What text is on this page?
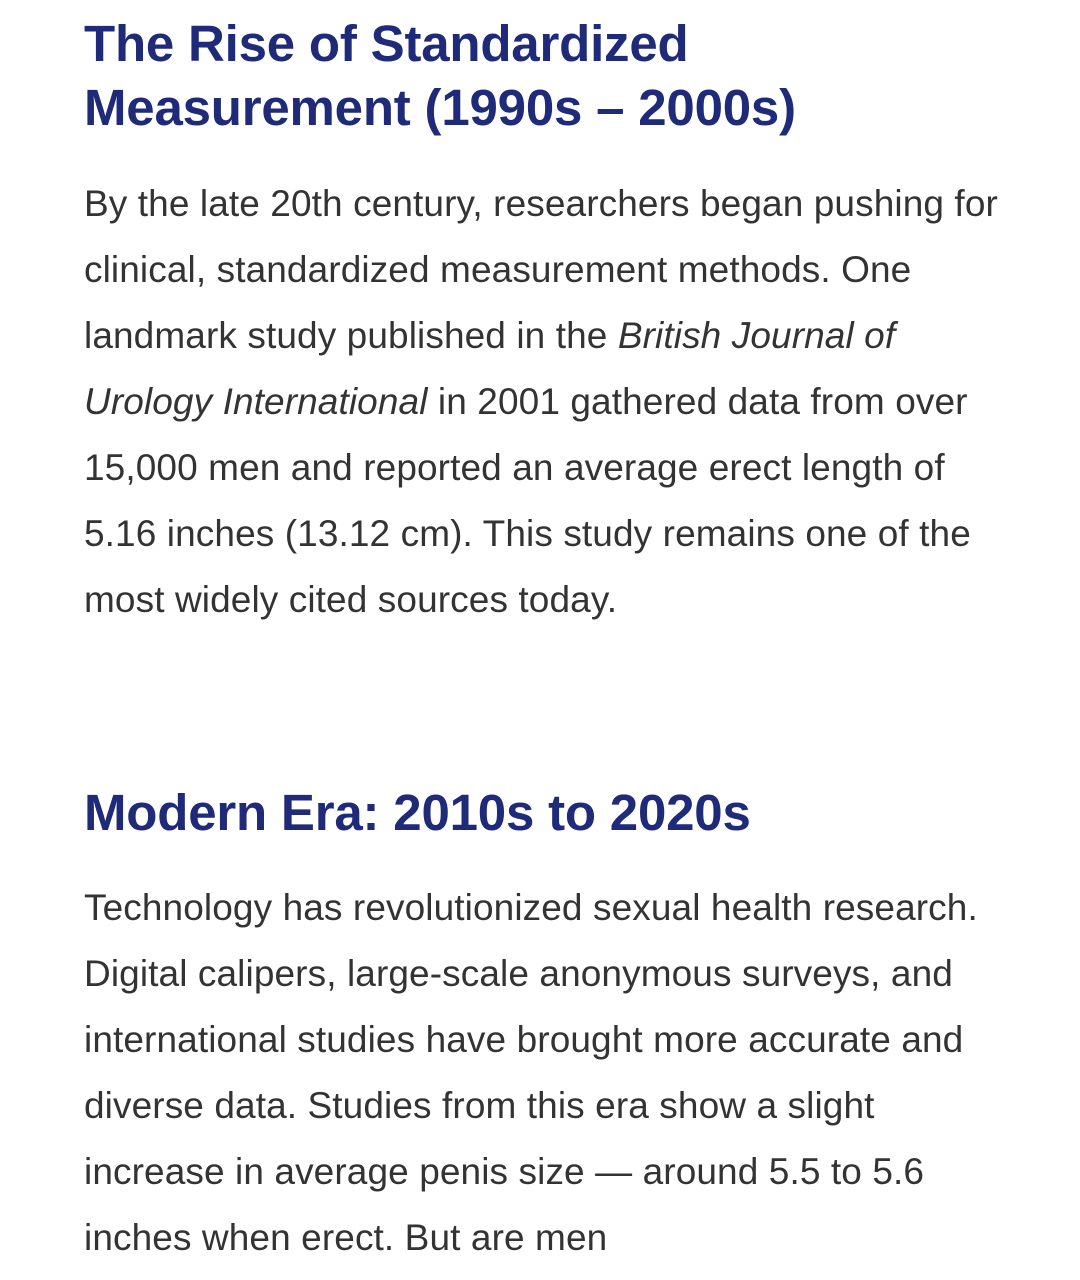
The Rise of Standardized Measurement (1990s – 2000s)

By the late 20th century, researchers began pushing for clinical, standardized measurement methods. One landmark study published in the British Journal of Urology International in 2001 gathered data from over 15,000 men and reported an average erect length of 5.16 inches (13.12 cm). This study remains one of the most widely cited sources today.

Modern Era: 2010s to 2020s

Technology has revolutionized sexual health research. Digital calipers, large-scale anonymous surveys, and international studies have brought more accurate and diverse data. Studies from this era show a slight increase in average penis size — around 5.5 to 5.6 inches when erect. But are men
